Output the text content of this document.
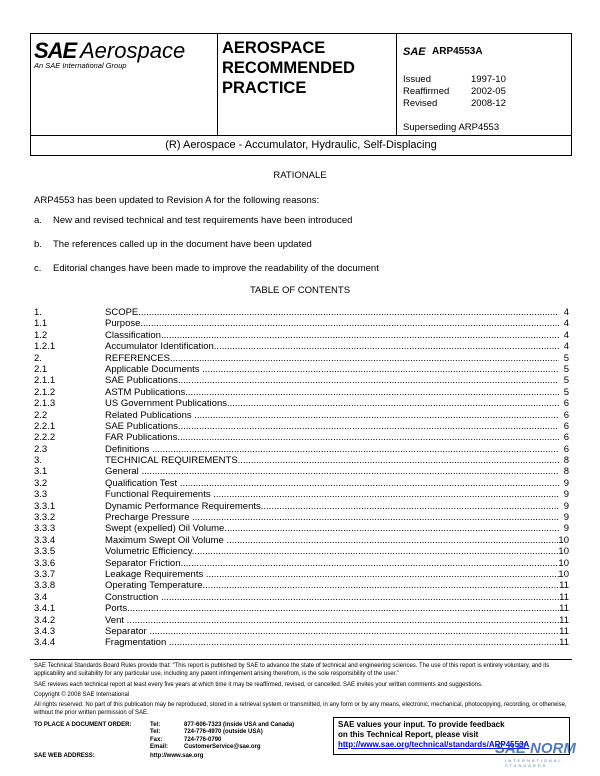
SAE Aerospace
An SAE International Group
AEROSPACE
RECOMMENDED
PRACTICE
SAE ARP4553A
Issued	1997-10
Reaffirmed 2002-05
Revised	2008-12
Superseding ARP4553
(R) Aerospace - Accumulator, Hydraulic, Self-Displacing
RATIONALE
ARP4553 has been updated to Revision A for the following reasons:
a. New and revised technical and test requirements have been introduced
b. The references called up in the document have been updated
c. Editorial changes have been made to improve the readability of the document
TABLE OF CONTENTS
1.	SCOPE .....	4
1.1	Purpose .....	4
1.2	Classification .....	4
1.2.1	Accumulator Identification .....	4
2.	REFERENCES .....	5
2.1	Applicable Documents .....	5
2.1.1	SAE Publications .....	5
2.1.2	ASTM Publications .....	5
2.1.3	US Government Publications .....	6
2.2	Related Publications .....	6
2.2.1	SAE Publications .....	6
2.2.2	FAR Publications .....	6
2.3	Definitions .....	6
3.	TECHNICAL REQUIREMENTS .....	8
3.1	General .....	8
3.2	Qualification Test .....	9
3.3	Functional Requirements .....	9
3.3.1	Dynamic Performance Requirements .....	9
3.3.2	Precharge Pressure .....	9
3.3.3	Swept (expelled) Oil Volume .....	9
3.3.4	Maximum Swept Oil Volume .....	10
3.3.5	Volumetric Efficiency .....	10
3.3.6	Separator Friction .....	10
3.3.7	Leakage Requirements .....	10
3.3.8	Operating Temperature .....	11
3.4	Construction .....	11
3.4.1	Ports .....	11
3.4.2	Vent .....	11
3.4.3	Separator .....	11
3.4.4	Fragmentation .....	11
SAE Technical Standards Board Rules provide that: “This report is published by SAE to advance the state of technical and engineering sciences. The use of this report is entirely voluntary, and its applicability and suitability for any particular use, including any patent infringement arising therefrom, is the sole responsibility of the user.”
SAE reviews each technical report at least every five years at which time it may be reaffirmed, revised, or cancelled. SAE invites your written comments and suggestions.
Copyright © 2008 SAE International
All rights reserved. No part of this publication may be reproduced, stored in a retrieval system or transmitted, in any form or by any means, electronic, mechanical, photocopying, recording, or otherwise, without the prior written permission of SAE.
TO PLACE A DOCUMENT ORDER:	Tel:	877-606-7323 (inside USA and Canada)
Tel:	724-776-4970 (outside USA)
Fax:	724-776-0790
Email:	CustomerService@sae.org
SAE WEB ADDRESS:	http://www.sae.org
SAE values your input. To provide feedback
on this Technical Report, please visit
http://www.sae.org/technical/standards/ARP4553A
SAE NORM
INTERNATIONAL STANDARDS
